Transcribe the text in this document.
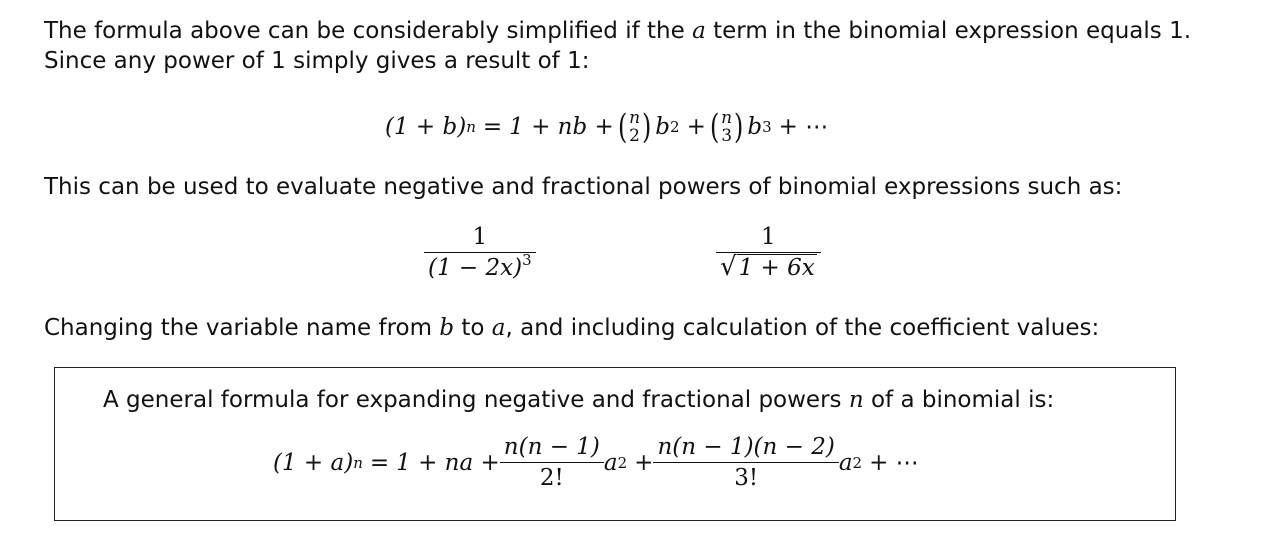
The formula above can be considerably simplified if the a term in the binomial expression equals 1.
Since any power of 1 simply gives a result of 1:

(1 + b) n = 1 + nb + ( n
2 ) b 2 + ( n
3 ) b 3 + ⋯

This can be used to evaluate negative and fractional powers of binomial expressions such as:

$\frac{1}{(1 - 2x)^3}$	$\frac{1}{√ 1 + 6x}$

Changing the variable name from b to a, and including calculation of the coefficient values:

A general formula for expanding negative and fractional powers n of a binomial is:

(1 + a) n = 1 + na + $\frac{n(n - 1)}{2!}$ a $2 + \frac{n(n - 1)(n - 2)}{3!}$ a 2 + ⋯
